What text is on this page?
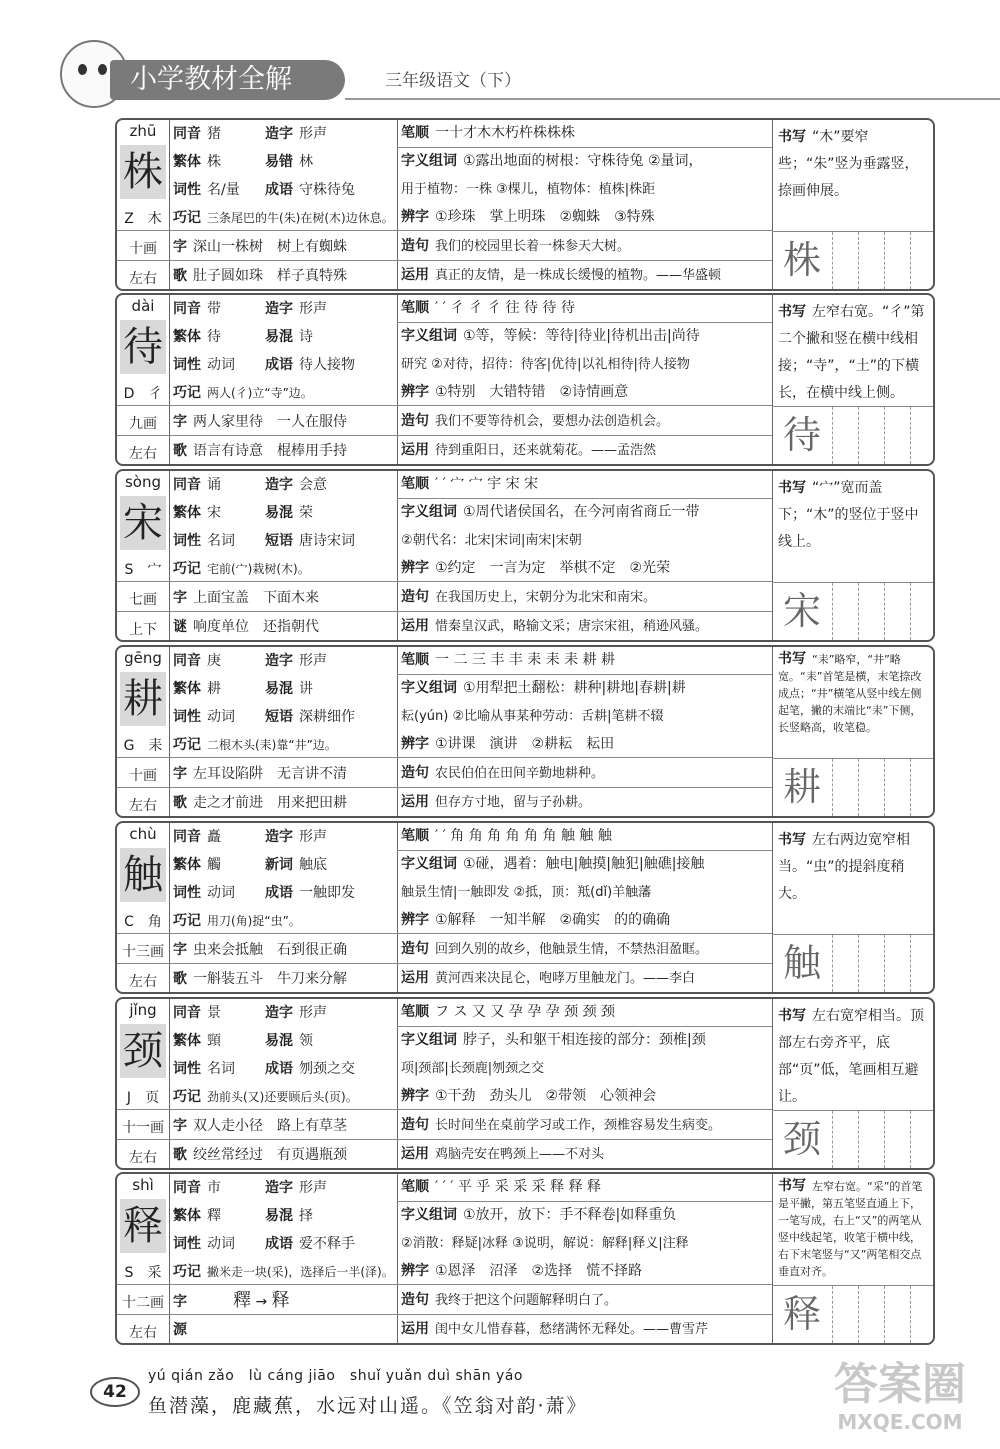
小学教材全解	三年级语文（下）
zhū
株
Z　 木
十画
左右
同音 猪	造字 形声
繁体 株	易错 林
词性 名/量 成语 守株待兔
巧记 三条尾巴的牛(朱)在树(木)边休息。
字 深山一株树　树上有蜘蛛
歌 肚子圆如珠　样子真特殊
笔顺 一十才木木朽杵株株株
字义组词 ①露出地面的树根：守株待兔 ②量词，
用于植物：一株 ③棵儿，植物体：植株|株距
辨字 ①珍珠　掌上明珠　②蜘蛛　③特殊
造句 我们的校园里长着一株参天大树。
运用 真正的友情，是一株成长缓慢的植物。——华盛顿
书写 “木”要窄些；“朱”竖为垂露竖，捺画伸展。
株
dài
待
D　 彳
九画
左右
同音 带	造字 形声
繁体 待	易混 诗
词性 动词 成语 待人接物
巧记 两人(彳)立“寺”边。
字 两人家里待　一人在服侍
歌 语言有诗意　棍棒用手持
笔顺 ′ ′ 彳 彳 彳 往 待 待 待
字义组词 ①等，等候：等待|待业|待机出击|尚待
研究 ②对待，招待：待客|优待|以礼相待|待人接物
辨字 ①特别　大错特错　②诗情画意
造句 我们不要等待机会，要想办法创造机会。
运用 待到重阳日，还来就菊花。——孟浩然
书写 左窄右宽。“彳”第二个撇和竖在横中线相接；“寺”，“土”的下横长，在横中线上侧。
待
sòng
宋
S　 宀
七画
上下
同音 诵	造字 会意
繁体 宋	易混 荣
词性 名词 短语 唐诗宋词
巧记 宅前(宀)栽树(木)。
字 上面宝盖　下面木来
谜 响度单位　还指朝代
笔顺 ′ ′ 宀 宀 宇 宋 宋
字义组词 ①周代诸侯国名，在今河南省商丘一带
②朝代名：北宋|宋词|南宋|宋朝
辨字 ①约定　一言为定　举棋不定　②光荣
造句 在我国历史上，宋朝分为北宋和南宋。
运用 惜秦皇汉武，略输文采；唐宗宋祖，稍逊风骚。
书写 “宀”宽而盖下；“木”的竖位于竖中线上。
宋
gēng
耕
G　 耒
十画
左右
同音 庚	造字 形声
繁体 耕	易混 讲
词性 动词 短语 深耕细作
巧记 二根木头(耒)靠“井”边。
字 左耳设陷阱　无言讲不清
歌 走之才前进　用来把田耕
笔顺 一 二 三 丰 丰 耒 耒 耒 耕 耕
字义组词 ①用犁把土翻松：耕种|耕地|春耕|耕
耘(yún) ②比喻从事某种劳动：舌耕|笔耕不辍
辨字 ①讲课　演讲　②耕耘　耘田
造句 农民伯伯在田间辛勤地耕种。
运用 但存方寸地，留与子孙耕。
书写 “耒”略窄，“井”略宽。“耒”首笔是横，末笔捺改成点；“井”横笔从竖中线左侧起笔，撇的末端比“耒”下侧，长竖略高，收笔稳。
耕
chù
触
C　 角
十三画
左右
同音 矗	造字 形声
繁体 觸	新词 触底
词性 动词 成语 一触即发
巧记 用刀(角)捉“虫”。
字 虫来会抵触　石到很正确
歌 一斛装五斗　牛刀来分解
笔顺 ′ ′ 角 角 角 角 角 角 触 触 触
字义组词 ①碰，遇着：触电|触摸|触犯|触礁|接触
触景生情|一触即发 ②抵，顶：羝(dǐ)羊触藩
辨字 ①解释　一知半解　②确实　的的确确
造句 回到久别的故乡，他触景生情，不禁热泪盈眶。
运用 黄河西来决昆仑，咆哮万里触龙门。——李白
书写 左右两边宽窄相当。“虫”的提斜度稍大。
触
jǐng
颈
J　 页
十一画
左右
同音 景	造字 形声
繁体 頸	易混 领
词性 名词 成语 刎颈之交
巧记 劲前头(又)还要顾后头(页)。
字 双人走小径　路上有草茎
歌 绞丝常经过　有页遇瓶颈
笔顺 フ ス 又 又 孕 孕 孕 颈 颈 颈
字义组词 脖子，头和躯干相连接的部分：颈椎|颈
项|颈部|长颈鹿|刎颈之交
辨字 ①干劲　劲头儿　②带领　心领神会
造句 长时间坐在桌前学习或工作，颈椎容易发生病变。
运用 鸡脑壳安在鸭颈上——不对头
书写 左右宽窄相当。顶部左右旁齐平，底部“页”低，笔画相互避让。
颈
shì
释
S　 采
十二画
左右
同音 市	造字 形声
繁体 釋	易混 择
词性 动词 成语 爱不释手
巧记 撇米走一块(采)，选择后一半(泽)。
字	釋 → 释
源
笔顺 ′ ′ ′ 平 乎 采 采 采 释 释 释
字义组词 ①放开，放下：手不释卷|如释重负
②消散：释疑|冰释 ③说明，解说：解释|释义|注释
辨字 ①恩泽　沼泽　②选择　慌不择路
造句 我终于把这个问题解释明白了。
运用 闺中女儿惜春暮，愁绪满怀无释处。——曹雪芹
书写 左窄右宽。“采”的首笔是平撇，第五笔竖直通上下，一笔写成，右上“又”的两笔从竖中线起笔，收笔于横中线，右下末笔竖与“又”两笔相交点垂直对齐。
释
42
yú qián zǎo　lù cáng jiāo　shuǐ yuǎn duì shān yáo
鱼潜藻，鹿藏蕉，水远对山遥。《笠翁对韵·萧》	答案圈
MXQE.COM
